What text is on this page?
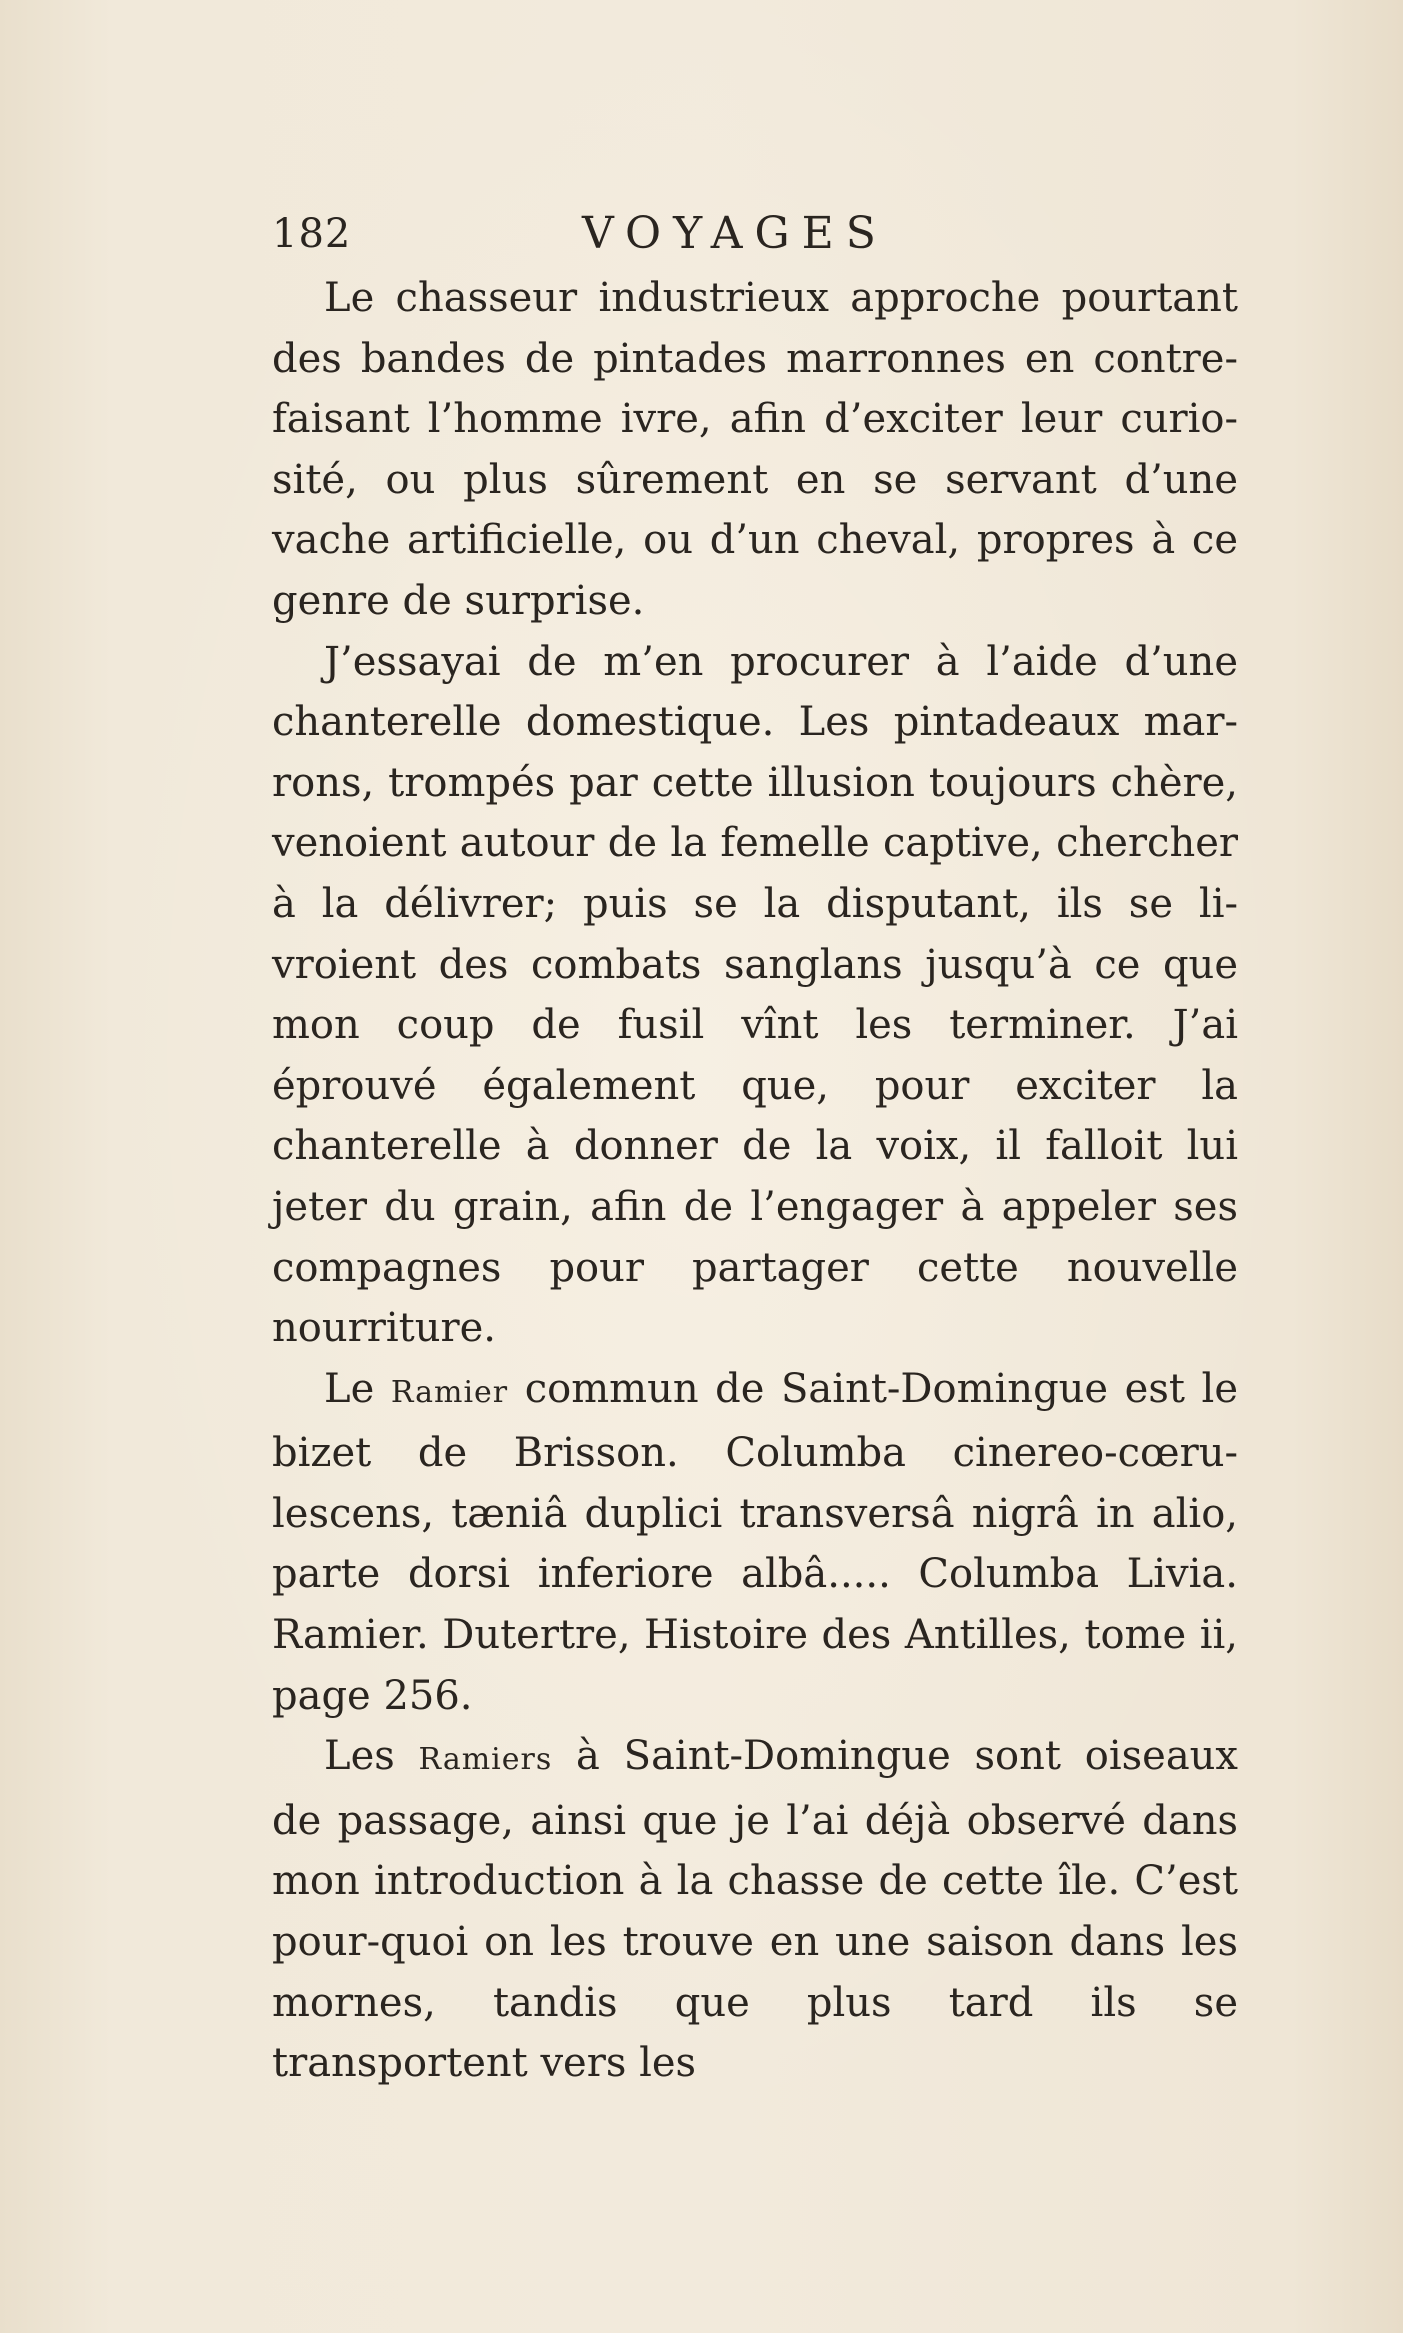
182	VOYAGES

Le chasseur industrieux approche pourtant des bandes de pintades marronnes en contre-faisant l’homme ivre, afin d’exciter leur curio-sité, ou plus sûrement en se servant d’une vache artificielle, ou d’un cheval, propres à ce genre de surprise.

J’essayai de m’en procurer à l’aide d’une chanterelle domestique. Les pintadeaux mar-rons, trompés par cette illusion toujours chère, venoient autour de la femelle captive, chercher à la délivrer; puis se la disputant, ils se li-vroient des combats sanglans jusqu’à ce que mon coup de fusil vînt les terminer. J’ai éprouvé également que, pour exciter la chanterelle à donner de la voix, il falloit lui jeter du grain, afin de l’engager à appeler ses compagnes pour partager cette nouvelle nourriture.

Le Ramier commun de Saint-Domingue est le bizet de Brisson. Columba cinereo-cœru-lescens, tæniâ duplici transversâ nigrâ in alio, parte dorsi inferiore albâ..... Columba Livia. Ramier. Dutertre, Histoire des Antilles, tome ii, page 256.

Les Ramiers à Saint-Domingue sont oiseaux de passage, ainsi que je l’ai déjà observé dans mon introduction à la chasse de cette île. C’est pour-quoi on les trouve en une saison dans les mornes, tandis que plus tard ils se transportent vers les
